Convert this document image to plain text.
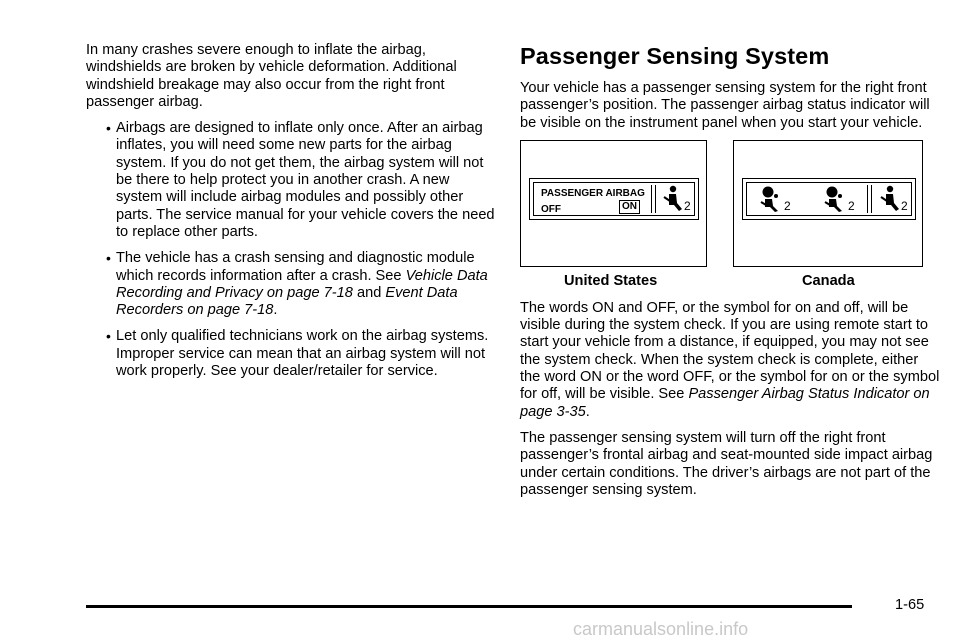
In many crashes severe enough to inflate the airbag, windshields are broken by vehicle deformation. Additional windshield breakage may also occur from the right front passenger airbag.

• Airbags are designed to inflate only once. After an airbag inflates, you will need some new parts for the airbag system. If you do not get them, the airbag system will not be there to help protect you in another crash. A new system will include airbag modules and possibly other parts. The service manual for your vehicle covers the need to replace other parts.
• The vehicle has a crash sensing and diagnostic module which records information after a crash. See Vehicle Data Recording and Privacy on page 7-18 and Event Data Recorders on page 7-18.
• Let only qualified technicians work on the airbag systems. Improper service can mean that an airbag system will not work properly. See your dealer/retailer for service.
Passenger Sensing System

Your vehicle has a passenger sensing system for the right front passenger’s position. The passenger airbag status indicator will be visible on the instrument panel when you start your vehicle.

PASSENGER AIRBAG
OFF	ON	2	2	2	2
United States	Canada

The words ON and OFF, or the symbol for on and off, will be visible during the system check. If you are using remote start to start your vehicle from a distance, if equipped, you may not see the system check. When the system check is complete, either the word ON or the word OFF, or the symbol for on or the symbol for off, will be visible. See Passenger Airbag Status Indicator on page 3-35.

The passenger sensing system will turn off the right front passenger’s frontal airbag and seat-mounted side impact airbag under certain conditions. The driver’s airbags are not part of the passenger sensing system.

1-65
carmanualsonline.info
